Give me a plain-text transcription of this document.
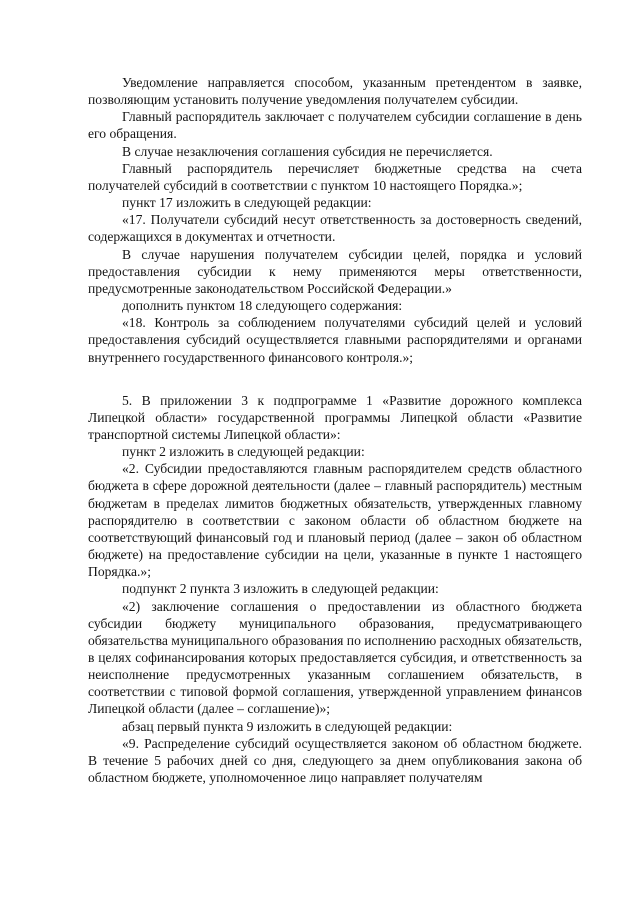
Уведомление направляется способом, указанным претендентом в заявке, позволяющим установить получение уведомления получателем субсидии.

Главный распорядитель заключает с получателем субсидии соглашение в день его обращения.

В случае незаключения соглашения субсидия не перечисляется.

Главный распорядитель перечисляет бюджетные средства на счета получателей субсидий в соответствии с пунктом 10 настоящего Порядка.»;

пункт 17 изложить в следующей редакции:

«17. Получатели субсидий несут ответственность за достоверность сведений, содержащихся в документах и отчетности.

В случае нарушения получателем субсидии целей, порядка и условий предоставления субсидии к нему применяются меры ответственности, предусмотренные законодательством Российской Федерации.»

дополнить пунктом 18 следующего содержания:

«18. Контроль за соблюдением получателями субсидий целей и условий предоставления субсидий осуществляется главными распорядителями и органами внутреннего государственного финансового контроля.»;

5. В приложении 3 к подпрограмме 1 «Развитие дорожного комплекса Липецкой области» государственной программы Липецкой области «Развитие транспортной системы Липецкой области»:

пункт 2 изложить в следующей редакции:

«2. Субсидии предоставляются главным распорядителем средств областного бюджета в сфере дорожной деятельности (далее – главный распорядитель) местным бюджетам в пределах лимитов бюджетных обязательств, утвержденных главному распорядителю в соответствии с законом области об областном бюджете на соответствующий финансовый год и плановый период (далее – закон об областном бюджете) на предоставление субсидии на цели, указанные в пункте 1 настоящего Порядка.»;

подпункт 2 пункта 3 изложить в следующей редакции:

«2) заключение соглашения о предоставлении из областного бюджета субсидии бюджету муниципального образования, предусматривающего обязательства муниципального образования по исполнению расходных обязательств, в целях софинансирования которых предоставляется субсидия, и ответственность за неисполнение предусмотренных указанным соглашением обязательств, в соответствии с типовой формой соглашения, утвержденной управлением финансов Липецкой области (далее – соглашение)»;

абзац первый пункта 9 изложить в следующей редакции:

«9. Распределение субсидий осуществляется законом об областном бюджете. В течение 5 рабочих дней со дня, следующего за днем опубликования закона об областном бюджете, уполномоченное лицо направляет получателям
